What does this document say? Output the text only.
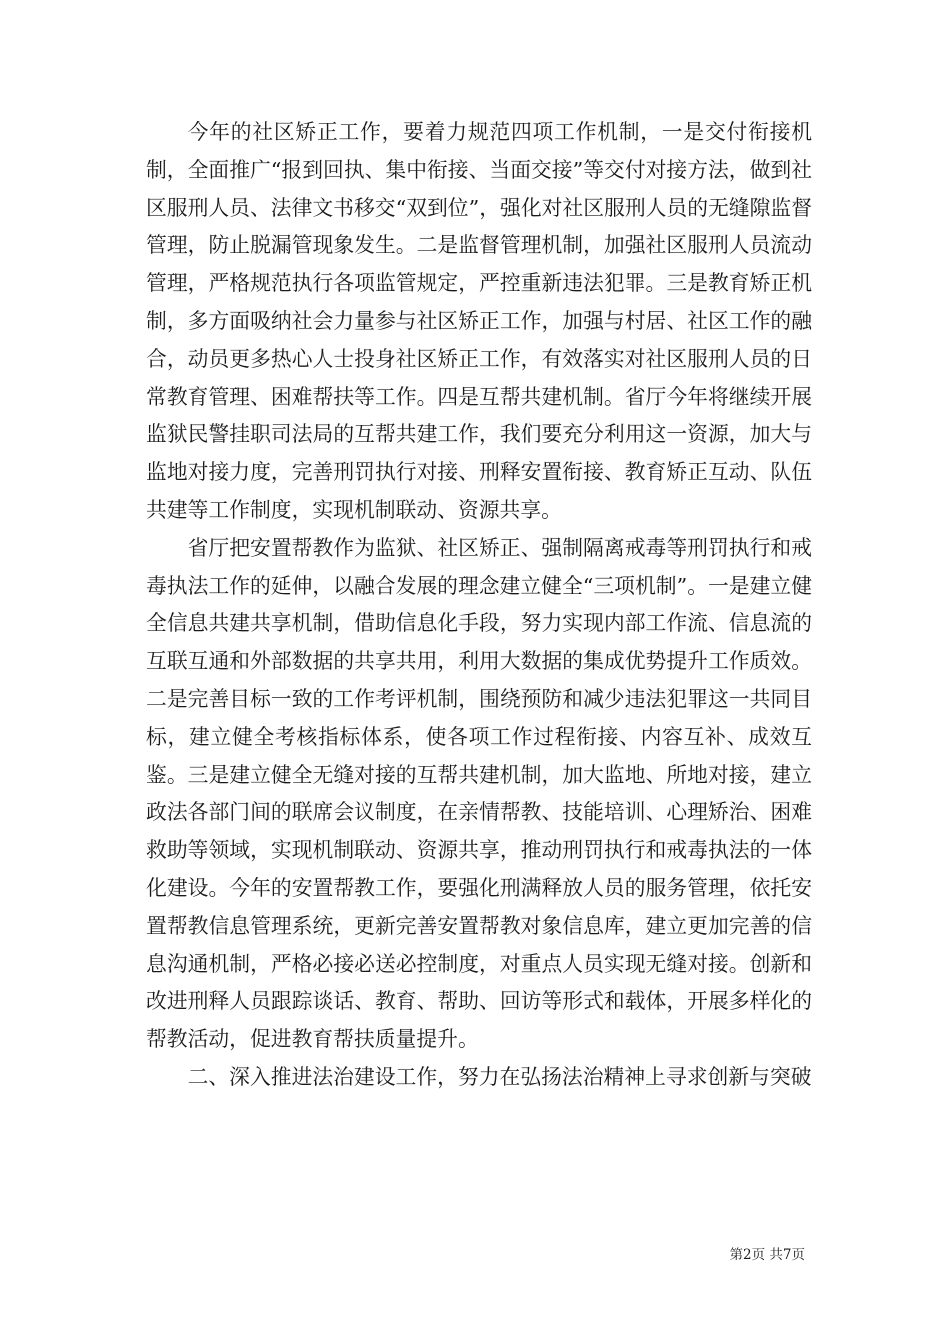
今年的社区矫正工作，要着力规范四项工作机制，一是交付衔接机制，全面推广“报到回执、集中衔接、当面交接”等交付对接方法，做到社区服刑人员、法律文书移交“双到位”，强化对社区服刑人员的无缝隙监督管理，防止脱漏管现象发生。二是监督管理机制，加强社区服刑人员流动管理，严格规范执行各项监管规定，严控重新违法犯罪。三是教育矫正机制，多方面吸纳社会力量参与社区矫正工作，加强与村居、社区工作的融合，动员更多热心人士投身社区矫正工作，有效落实对社区服刑人员的日常教育管理、困难帮扶等工作。四是互帮共建机制。省厅今年将继续开展监狱民警挂职司法局的互帮共建工作，我们要充分利用这一资源，加大与监地对接力度，完善刑罚执行对接、刑释安置衔接、教育矫正互动、队伍共建等工作制度，实现机制联动、资源共享。

省厅把安置帮教作为监狱、社区矫正、强制隔离戒毒等刑罚执行和戒毒执法工作的延伸，以融合发展的理念建立健全“三项机制”。一是建立健全信息共建共享机制，借助信息化手段，努力实现内部工作流、信息流的互联互通和外部数据的共享共用，利用大数据的集成优势提升工作质效。二是完善目标一致的工作考评机制，围绕预防和减少违法犯罪这一共同目标，建立健全考核指标体系，使各项工作过程衔接、内容互补、成效互鉴。三是建立健全无缝对接的互帮共建机制，加大监地、所地对接，建立政法各部门间的联席会议制度，在亲情帮教、技能培训、心理矫治、困难救助等领域，实现机制联动、资源共享，推动刑罚执行和戒毒执法的一体化建设。今年的安置帮教工作，要强化刑满释放人员的服务管理，依托安置帮教信息管理系统，更新完善安置帮教对象信息库，建立更加完善的信息沟通机制，严格必接必送必控制度，对重点人员实现无缝对接。创新和改进刑释人员跟踪谈话、教育、帮助、回访等形式和载体，开展多样化的帮教活动，促进教育帮扶质量提升。

二、深入推进法治建设工作，努力在弘扬法治精神上寻求创新与突破

第2页 共7页
